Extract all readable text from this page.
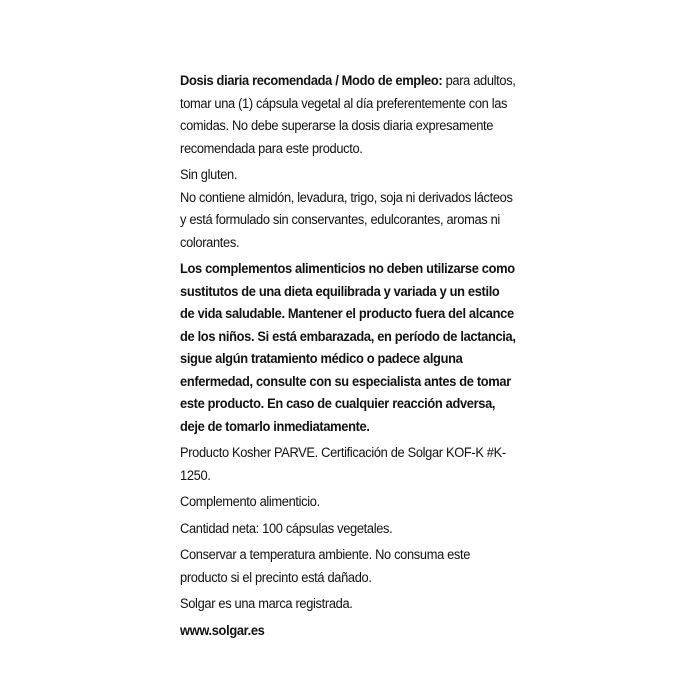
Dosis diaria recomendada / Modo de empleo: para adultos, tomar una (1) cápsula vegetal al día preferentemente con las comidas. No debe superarse la dosis diaria expresamente recomendada para este producto.

Sin gluten.
No contiene almidón, levadura, trigo, soja ni derivados lácteos y está formulado sin conservantes, edulcorantes, aromas ni colorantes.

Los complementos alimenticios no deben utilizarse como sustitutos de una dieta equilibrada y variada y un estilo de vida saludable. Mantener el producto fuera del alcance de los niños. Si está embarazada, en período de lactancia, sigue algún tratamiento médico o padece alguna enfermedad, consulte con su especialista antes de tomar este producto. En caso de cualquier reacción adversa, deje de tomarlo inmediatamente.

Producto Kosher PARVE. Certificación de Solgar KOF-K #K-1250.

Complemento alimenticio.

Cantidad neta: 100 cápsulas vegetales.

Conservar a temperatura ambiente. No consuma este producto si el precinto está dañado.

Solgar es una marca registrada.

www.solgar.es
